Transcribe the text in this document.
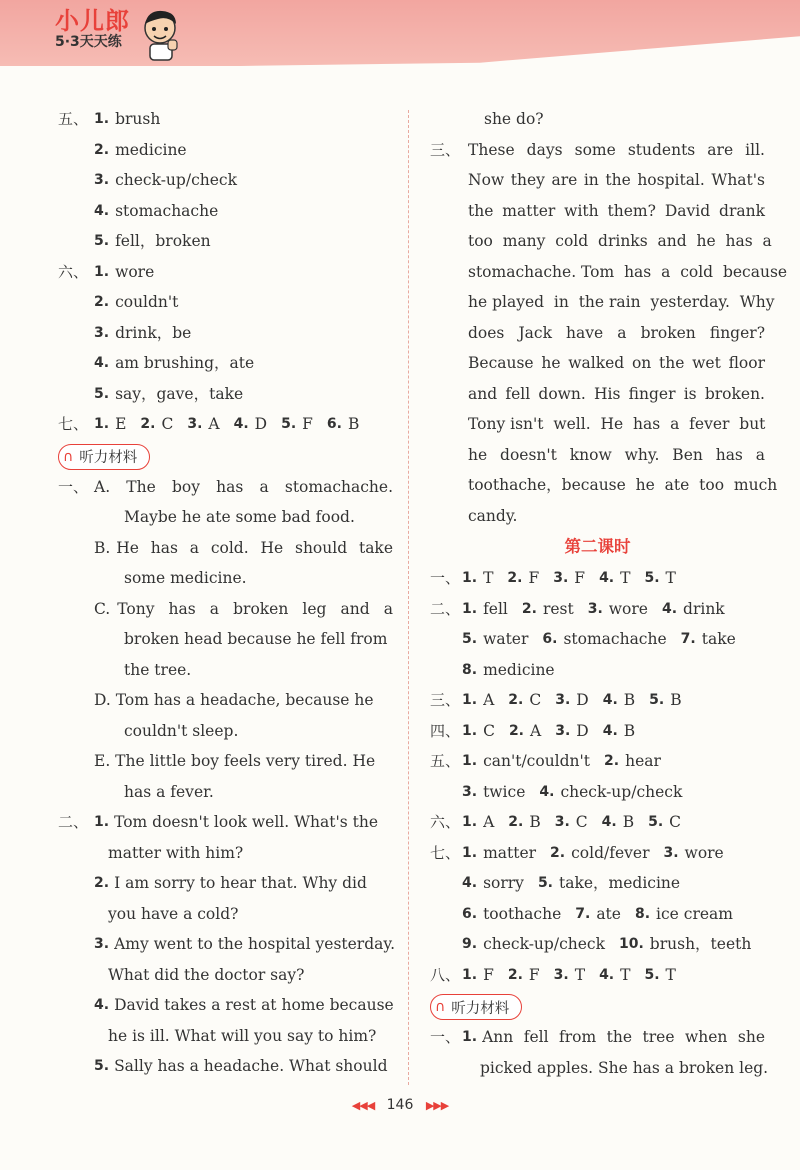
小儿郎
5·3天天练
五、 1. brush
2. medicine
3. check-up/check
4. stomachache
5. fell，broken
六、 1. wore
2. couldn't
3. drink，be
4. am brushing，ate
5. say，gave，take
七、 1. E 2. C 3. A 4. D 5. F 6. B
∩ 听力材料
一、 A.  The  boy  has  a  stomachache.
Maybe he ate some bad food.
B. He  has  a  cold.  He  should  take
some medicine.
C. Tony  has  a  broken  leg  and  a
broken head because he fell from
the tree.
D. Tom has a headache, because he
couldn't sleep.
E. The little boy feels very tired. He
has a fever.
二、 1. Tom doesn't look well. What's the
matter with him?
2. I am sorry to hear that. Why did
you have a cold?
3. Amy went to the hospital yesterday.
What did the doctor say?
4. David takes a rest at home because
he is ill. What will you say to him?
5. Sally has a headache. What should
she do?
三、 These  days  some  students  are  ill.
Now they are in the hospital. What's
the matter with them? David drank
too  many  cold  drinks  and  he  has  a
stomachache. Tom  has  a  cold  because
he played  in  the rain  yesterday.  Why
does  Jack  have  a  broken  finger?
Because he walked on the wet floor
and fell down. His finger is broken.
Tony isn't  well.  He  has  a  fever  but
he  doesn't  know  why.  Ben  has  a
toothache，because  he  ate  too  much
candy.
第二课时
一、 1. T 2. F 3. F 4. T 5. T
二、 1. fell 2. rest 3. wore 4. drink
5. water 6. stomachache 7. take
8. medicine
三、 1. A 2. C 3. D 4. B 5. B
四、 1. C 2. A 3. D 4. B
五、 1. can't/couldn't 2. hear
3. twice 4. check-up/check
六、 1. A 2. B 3. C 4. B 5. C
七、 1. matter 2. cold/fever 3. wore
4. sorry 5. take，medicine
6. toothache 7. ate 8. ice cream
9. check-up/check 10. brush，teeth
八、 1. F 2. F 3. T 4. T 5. T
∩ 听力材料
一、 1. Ann  fell  from  the  tree  when  she
picked apples. She has a broken leg.
◀◀◀ 146 ▶▶▶
